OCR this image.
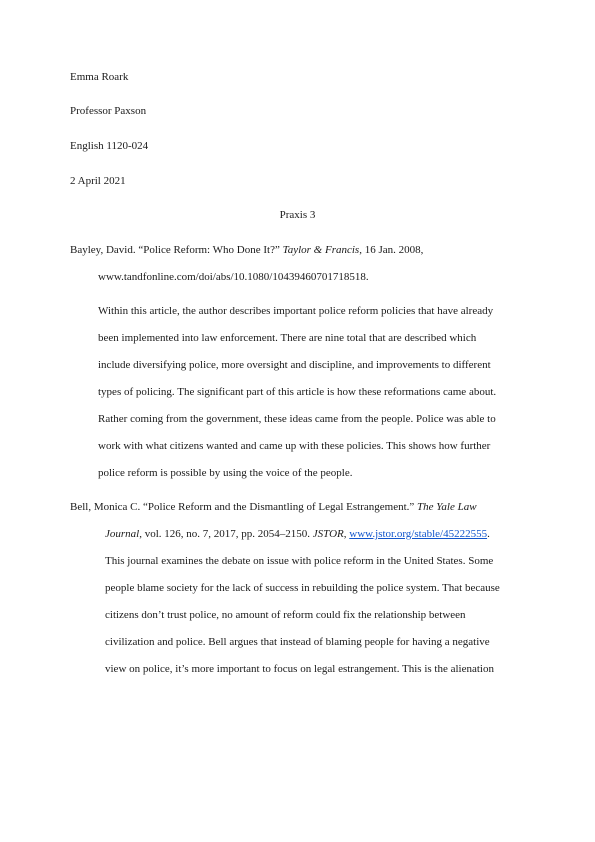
Emma Roark
Professor Paxson
English 1120-024
2 April 2021
Praxis 3
Bayley, David. “Police Reform: Who Done It?” Taylor & Francis, 16 Jan. 2008,
www.tandfonline.com/doi/abs/10.1080/10439460701718518.
Within this article, the author describes important police reform policies that have already
been implemented into law enforcement. There are nine total that are described which
include diversifying police, more oversight and discipline, and improvements to different
types of policing. The significant part of this article is how these reformations came about.
Rather coming from the government, these ideas came from the people. Police was able to
work with what citizens wanted and came up with these policies. This shows how further
police reform is possible by using the voice of the people.
Bell, Monica C. “Police Reform and the Dismantling of Legal Estrangement.” The Yale Law
Journal, vol. 126, no. 7, 2017, pp. 2054–2150. JSTOR, www.jstor.org/stable/45222555.
This journal examines the debate on issue with police reform in the United States. Some
people blame society for the lack of success in rebuilding the police system. That because
citizens don’t trust police, no amount of reform could fix the relationship between
civilization and police. Bell argues that instead of blaming people for having a negative
view on police, it’s more important to focus on legal estrangement. This is the alienation
